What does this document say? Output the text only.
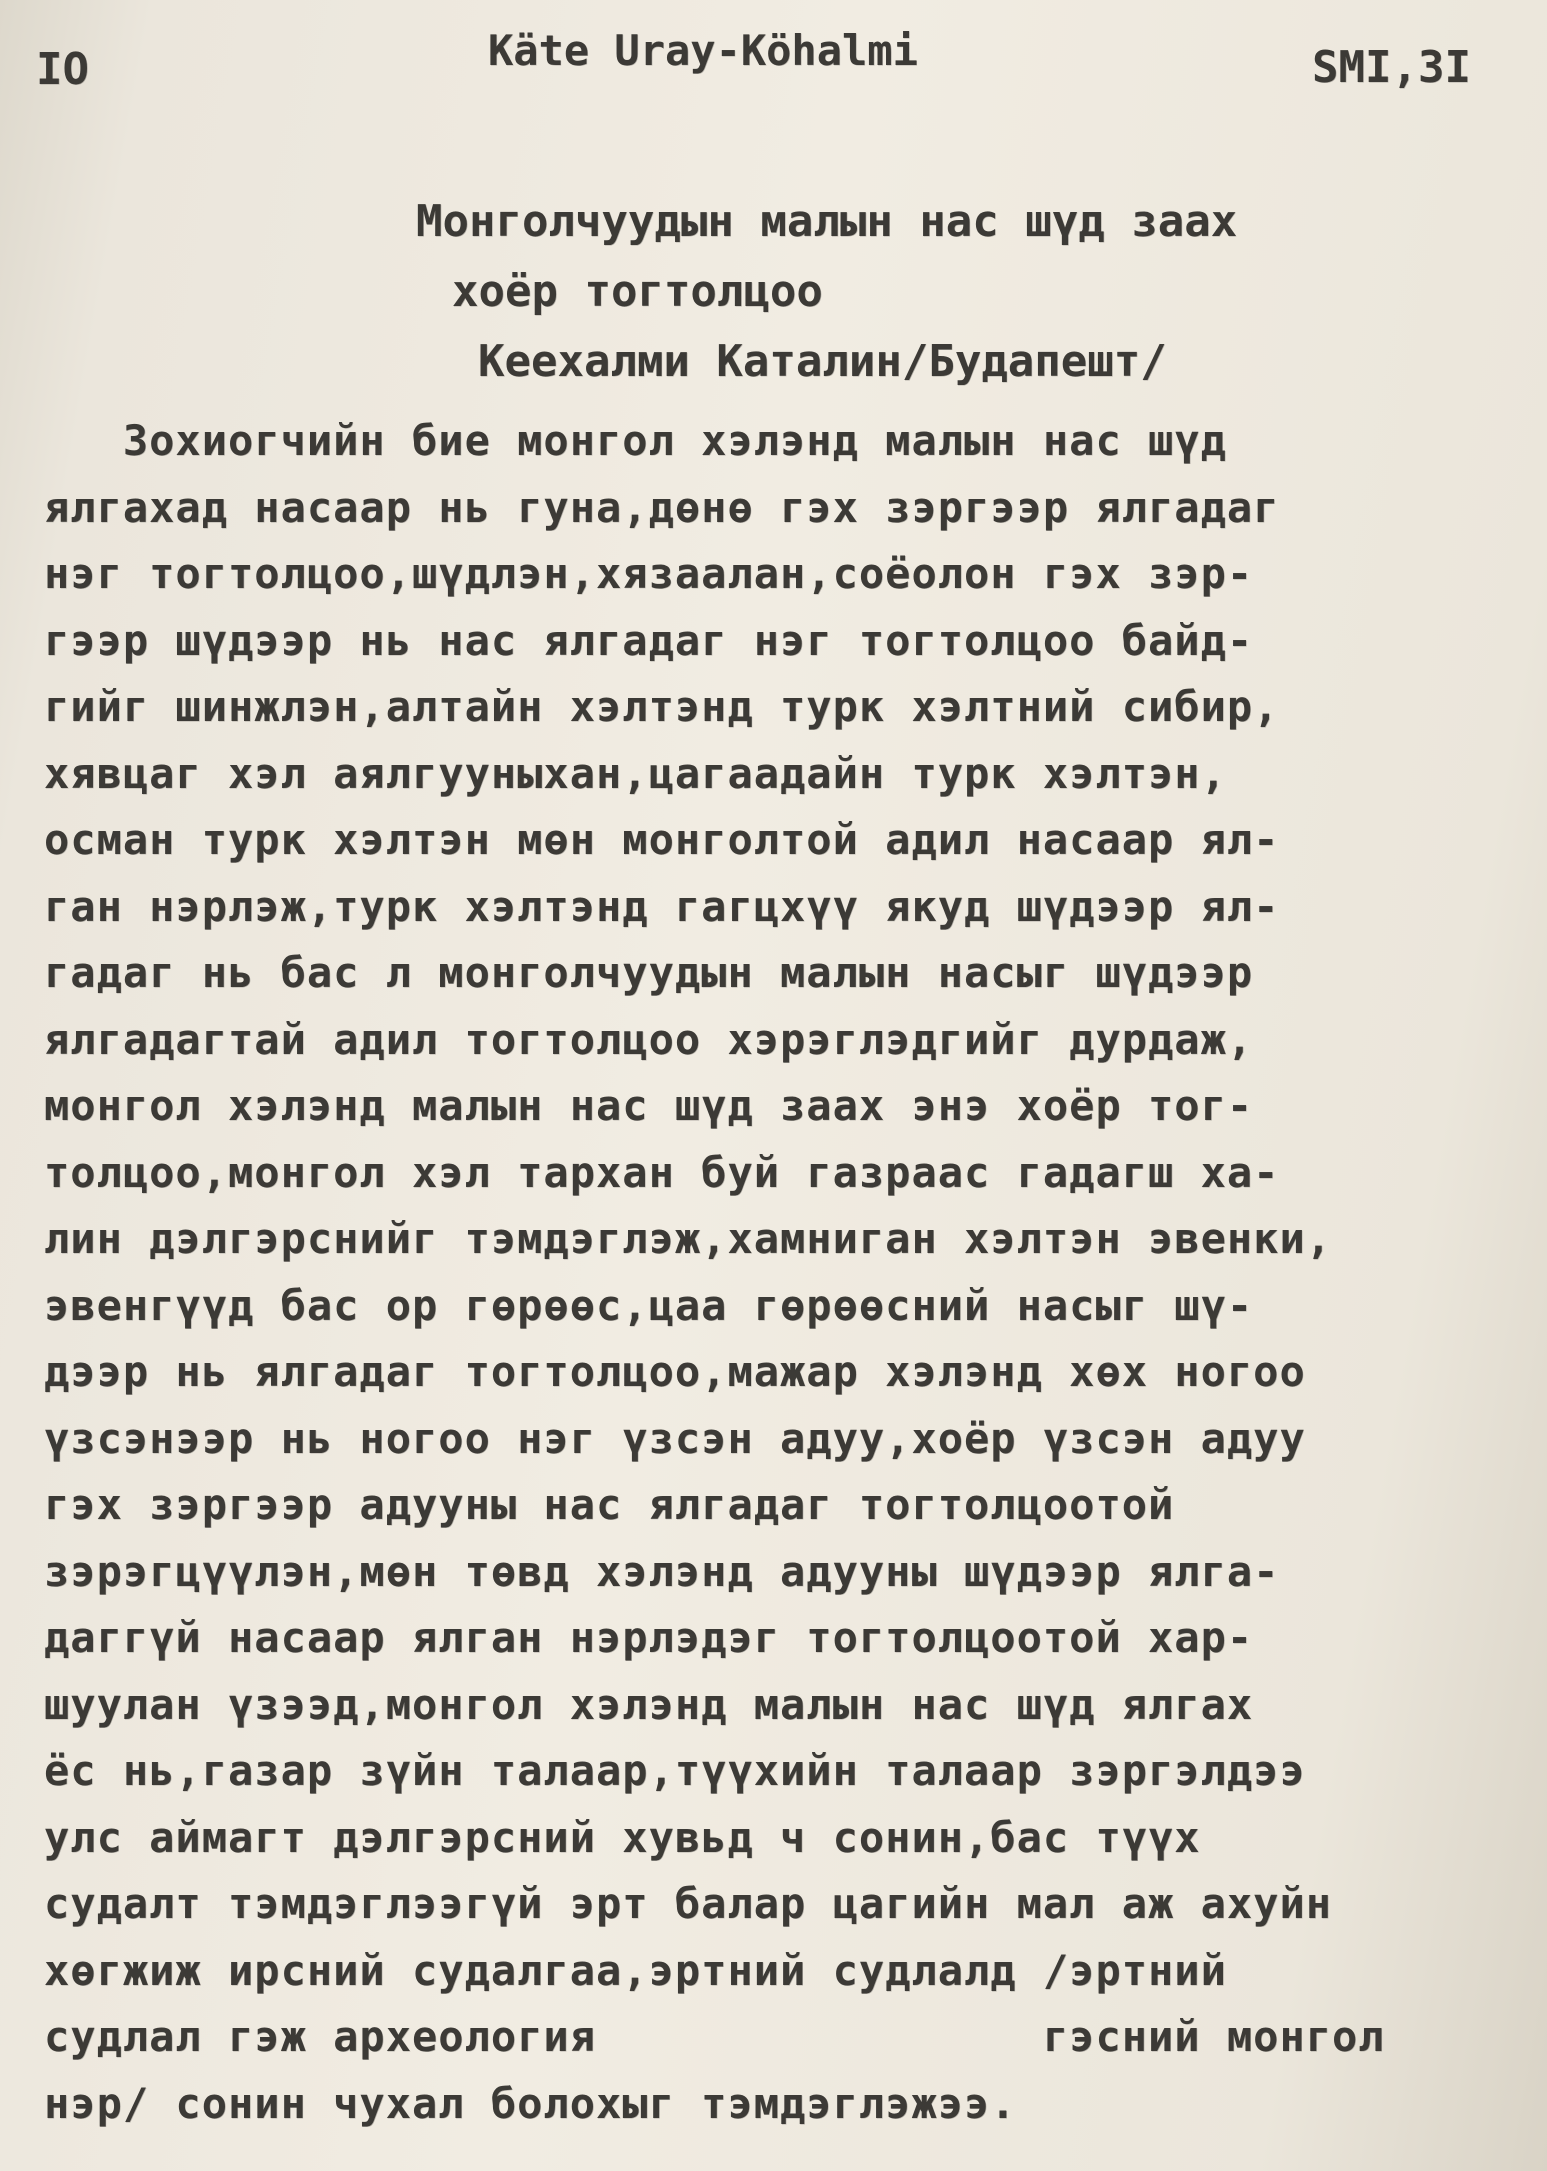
IO	Käte Uray-Köhalmi	SMI,3I
Монголчуудын малын нас шүд заах
хоёр тогтолцоо
Кеехалми Каталин/Будапешт/
Зохиогчийн бие монгол хэлэнд малын нас шүд
ялгахад насаар нь гуна,дөнө гэх зэргээр ялгадаг
нэг тогтолцоо,шүдлэн,хязаалан,соёолон гэх зэр-
гээр шүдээр нь нас ялгадаг нэг тогтолцоо байд-
гийг шинжлэн,алтайн хэлтэнд турк хэлтний сибир,
хявцаг хэл аялгууныхан,цагаадайн турк хэлтэн,
осман турк хэлтэн мөн монголтой адил насаар ял-
ган нэрлэж,турк хэлтэнд гагцхүү якуд шүдээр ял-
гадаг нь бас л монголчуудын малын насыг шүдээр
ялгадагтай адил тогтолцоо хэрэглэдгийг дурдаж,
монгол хэлэнд малын нас шүд заах энэ хоёр тог-
толцоо,монгол хэл тархан буй газраас гадагш ха-
лин дэлгэрснийг тэмдэглэж,хамниган хэлтэн эвенки,
эвенгүүд бас ор гөрөөс,цаа гөрөөсний насыг шү-
дээр нь ялгадаг тогтолцоо,мажар хэлэнд хөх ногоо
үзсэнээр нь ногоо нэг үзсэн адуу,хоёр үзсэн адуу
гэх зэргээр адууны нас ялгадаг тогтолцоотой
зэрэгцүүлэн,мөн төвд хэлэнд адууны шүдээр ялга-
даггүй насаар ялган нэрлэдэг тогтолцоотой хар-
шуулан үзээд,монгол хэлэнд малын нас шүд ялгах
ёс нь,газар зүйн талаар,түүхийн талаар зэргэлдээ
улс аймагт дэлгэрсний хувьд ч сонин,бас түүх
судалт тэмдэглээгүй эрт балар цагийн мал аж ахуйн
хөгжиж ирсний судалгаа,эртний судлалд /эртний
судлал гэж археология                 гэсний монгол
нэр/ сонин чухал болохыг тэмдэглэжээ.
